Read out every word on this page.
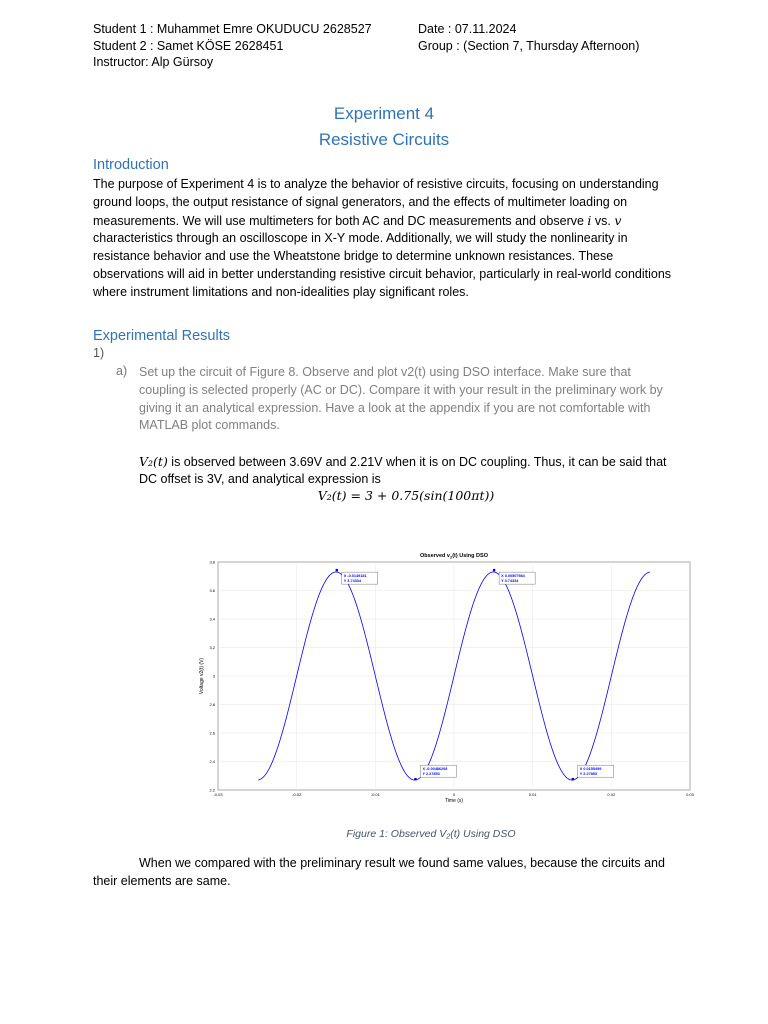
Student 1 : Muhammet Emre OKUDUCU 2628527
Student 2 : Samet KÖSE 2628451
Instructor: Alp Gürsoy
Date : 07.11.2024
Group : (Section 7, Thursday Afternoon)
Experiment 4
Resistive Circuits
Introduction
The purpose of Experiment 4 is to analyze the behavior of resistive circuits, focusing on understanding ground loops, the output resistance of signal generators, and the effects of multimeter loading on measurements. We will use multimeters for both AC and DC measurements and observe i vs. v characteristics through an oscilloscope in X-Y mode. Additionally, we will study the nonlinearity in resistance behavior and use the Wheatstone bridge to determine unknown resistances. These observations will aid in better understanding resistive circuit behavior, particularly in real-world conditions where instrument limitations and non-idealities play significant roles.
Experimental Results
1)
a) Set up the circuit of Figure 8. Observe and plot v2(t) using DSO interface. Make sure that coupling is selected properly (AC or DC). Compare it with your result in the preliminary work by giving it an analytical expression. Have a look at the appendix if you are not comfortable with MATLAB plot commands.
V₂(t) is observed between 3.69V and 2.21V when it is on DC coupling. Thus, it can be said that DC offset is 3V, and analytical expression is
V₂(t) = 3 + 0.75(sin(100πt))
-0.03	-0.02	-0.01	0	0.01	0.02	0.03
2.2
2.4
2.6
2.8
3
3.2
3.4
3.6
3.8
Observed $v_2(t)$ Using DSO
Time (s)
Voltage v2(t) (V)
X -0.0149181
Y 3.74334
X 0.00507984
Y 3.74334
X -0.00486208
Y 2.27853
X 0.0155499
Y 2.27853
Figure 1: Observed V₂(t) Using DSO
When we compared with the preliminary result we found same values, because the circuits and their elements are same.
